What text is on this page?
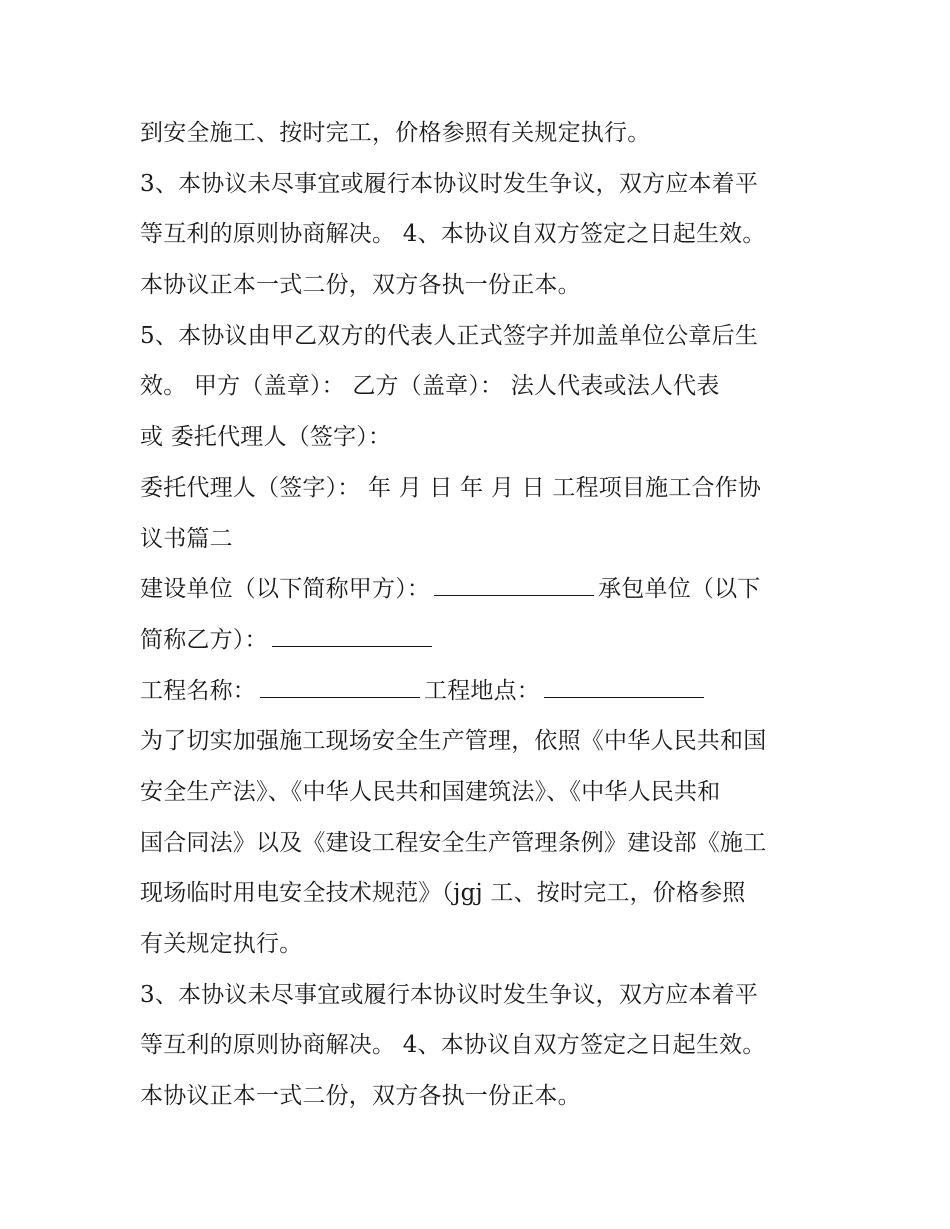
到安全施工、按时完工，价格参照有关规定执行。
3、本协议未尽事宜或履行本协议时发生争议，双方应本着平
等互利的原则协商解决。 4、本协议自双方签定之日起生效。
本协议正本一式二份，双方各执一份正本。
5、本协议由甲乙双方的代表人正式签字并加盖单位公章后生
效。 甲方（盖章）： 乙方（盖章）： 法人代表或法人代表
或 委托代理人（签字）：
委托代理人（签字）： 年 月 日 年 月 日 工程项目施工合作协
议书篇二
建设单位（以下简称甲方）：	承包单位（以下
简称乙方）：
工程名称：	工程地点：
为了切实加强施工现场安全生产管理，依照《中华人民共和国
安全生产法》、《中华人民共和国建筑法》、《中华人民共和
国合同法》以及《建设工程安全生产管理条例》建设部《施工
现场临时用电安全技术规范》（jgj 工、按时完工，价格参照
有关规定执行。
3、本协议未尽事宜或履行本协议时发生争议，双方应本着平
等互利的原则协商解决。 4、本协议自双方签定之日起生效。
本协议正本一式二份，双方各执一份正本。
